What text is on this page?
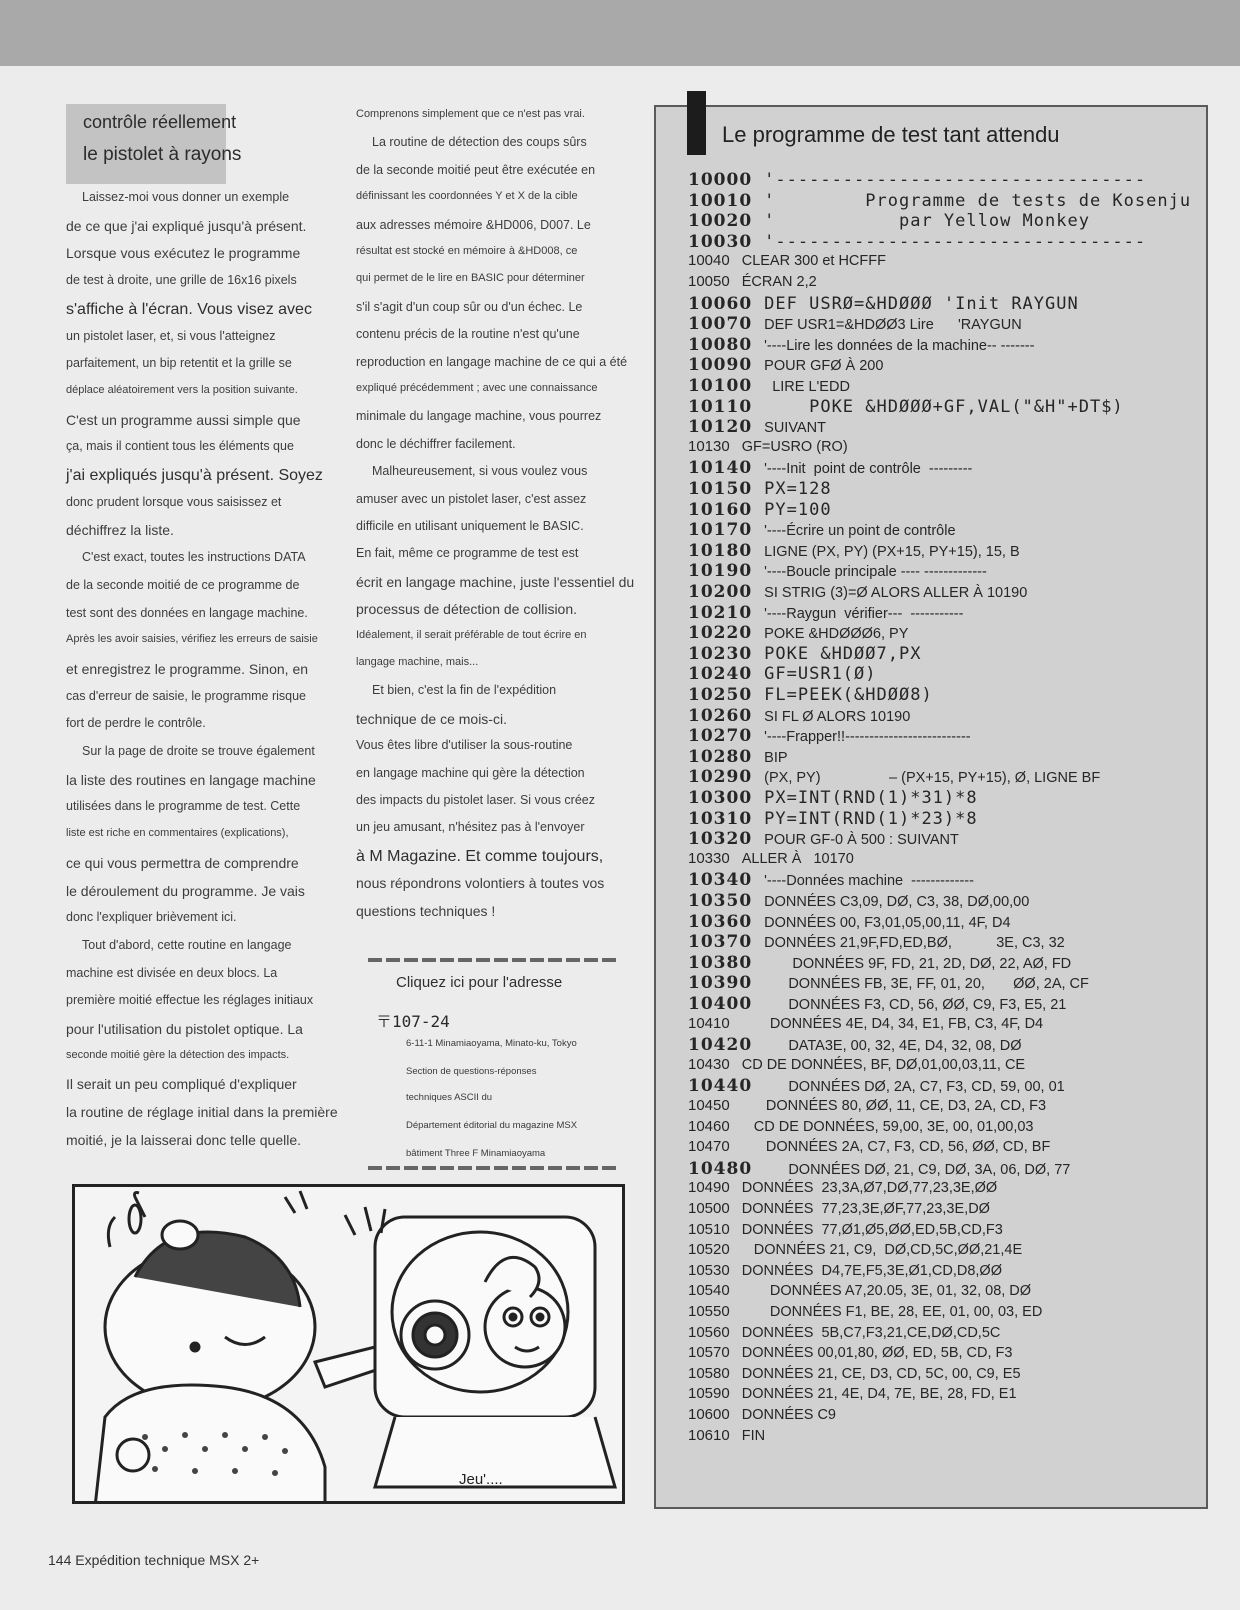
contrôle réellement
le pistolet à rayons
Laissez-moi vous donner un exemple
de ce que j'ai expliqué jusqu'à présent.
Lorsque vous exécutez le programme
de test à droite, une grille de 16x16 pixels
s'affiche à l'écran. Vous visez avec
un pistolet laser, et, si vous l'atteignez
parfaitement, un bip retentit et la grille se
déplace aléatoirement vers la position suivante.
C'est un programme aussi simple que
ça, mais il contient tous les éléments que
j'ai expliqués jusqu'à présent. Soyez
donc prudent lorsque vous saisissez et
déchiffrez la liste.
C'est exact, toutes les instructions DATA
de la seconde moitié de ce programme de
test sont des données en langage machine.
Après les avoir saisies, vérifiez les erreurs de saisie
et enregistrez le programme. Sinon, en
cas d'erreur de saisie, le programme risque
fort de perdre le contrôle.
Sur la page de droite se trouve également
la liste des routines en langage machine
utilisées dans le programme de test. Cette
liste est riche en commentaires (explications),
ce qui vous permettra de comprendre
le déroulement du programme. Je vais
donc l'expliquer brièvement ici.
Tout d'abord, cette routine en langage
machine est divisée en deux blocs. La
première moitié effectue les réglages initiaux
pour l'utilisation du pistolet optique. La
seconde moitié gère la détection des impacts.
Il serait un peu compliqué d'expliquer
la routine de réglage initial dans la première
moitié, je la laisserai donc telle quelle.
Comprenons simplement que ce n'est pas vrai.
La routine de détection des coups sûrs
de la seconde moitié peut être exécutée en
définissant les coordonnées Y et X de la cible
aux adresses mémoire &HD006, D007. Le
résultat est stocké en mémoire à &HD008, ce
qui permet de le lire en BASIC pour déterminer
s'il s'agit d'un coup sûr ou d'un échec. Le
contenu précis de la routine n'est qu'une
reproduction en langage machine de ce qui a été
expliqué précédemment ; avec une connaissance
minimale du langage machine, vous pourrez
donc le déchiffrer facilement.
Malheureusement, si vous voulez vous
amuser avec un pistolet laser, c'est assez
difficile en utilisant uniquement le BASIC.
En fait, même ce programme de test est
écrit en langage machine, juste l'essentiel du
processus de détection de collision.
Idéalement, il serait préférable de tout écrire en
langage machine, mais...
Et bien, c'est la fin de l'expédition
technique de ce mois-ci.
Vous êtes libre d'utiliser la sous-routine
en langage machine qui gère la détection
des impacts du pistolet laser. Si vous créez
un jeu amusant, n'hésitez pas à l'envoyer
à M Magazine. Et comme toujours,
nous répondrons volontiers à toutes vos
questions techniques !
Cliquez ici pour l'adresse
〒107-24
6-11-1 Minamiaoyama, Minato-ku, Tokyo
Section de questions-réponses
techniques ASCII du
Département éditorial du magazine MSX
bâtiment Three F Minamiaoyama
Jeu'....
Le programme de test tant attendu
10000 '---------------------------------
10010 '        Programme de tests de Kosenju
10020 '           par Yellow Monkey
10030 '---------------------------------
10040 CLEAR 300 et HCFFF
10050 ÉCRAN 2,2
10060 DEF USRØ=&HDØØØ 'Init RAYGUN
10070 DEF USR1=&HDØØ3 Lire      'RAYGUN
10080 '----Lire les données de la machine-- -------
10090 POUR GFØ À 200
10100  LIRE L'EDD
10110    POKE &HDØØØ+GF,VAL("&H"+DT$)
10120 SUIVANT
10130 GF=USRO (RO)
10140 '----Init  point de contrôle  ---------
10150 PX=128
10160 PY=100
10170 '----Écrire un point de contrôle
10180 LIGNE (PX, PY) (PX+15, PY+15), 15, B
10190 '----Boucle principale ---- -------------
10200 SI STRIG (3)=Ø ALORS ALLER À 10190
10210 '----Raygun  vérifier---  -----------
10220 POKE &HDØØØ6, PY
10230 POKE &HDØØ7,PX
10240 GF=USR1(Ø)
10250 FL=PEEK(&HDØØ8)
10260 SI FL Ø ALORS 10190
10270 '----Frapper!!--------------------------
10280 BIP
10290 (PX, PY)                 – (PX+15, PY+15), Ø, LIGNE BF
10300 PX=INT(RND(1)*31)*8
10310 PY=INT(RND(1)*23)*8
10320 POUR GF-0 À 500 : SUIVANT
10330 ALLER À   10170
10340 '----Données machine  -------------
10350 DONNÉES C3,09, DØ, C3, 38, DØ,00,00
10360 DONNÉES 00, F3,01,05,00,11, 4F, D4
10370 DONNÉES 21,9F,FD,ED,BØ,           3E, C3, 32
10380       DONNÉES 9F, FD, 21, 2D, DØ, 22, AØ, FD
10390      DONNÉES FB, 3E, FF, 01, 20,       ØØ, 2A, CF
10400      DONNÉES F3, CD, 56, ØØ, C9, F3, E5, 21
10410       DONNÉES 4E, D4, 34, E1, FB, C3, 4F, D4
10420      DATA3E, 00, 32, 4E, D4, 32, 08, DØ
10430 CD DE DONNÉES, BF, DØ,01,00,03,11, CE
10440      DONNÉES DØ, 2A, C7, F3, CD, 59, 00, 01
10450      DONNÉES 80, ØØ, 11, CE, D3, 2A, CD, F3
10460   CD DE DONNÉES, 59,00, 3E, 00, 01,00,03
10470      DONNÉES 2A, C7, F3, CD, 56, ØØ, CD, BF
10480      DONNÉES DØ, 21, C9, DØ, 3A, 06, DØ, 77
10490 DONNÉES  23,3A,Ø7,DØ,77,23,3E,ØØ
10500 DONNÉES  77,23,3E,ØF,77,23,3E,DØ
10510 DONNÉES  77,Ø1,Ø5,ØØ,ED,5B,CD,F3
10520   DONNÉES 21, C9,  DØ,CD,5C,ØØ,21,4E
10530 DONNÉES  D4,7E,F5,3E,Ø1,CD,D8,ØØ
10540       DONNÉES A7,20.05, 3E, 01, 32, 08, DØ
10550       DONNÉES F1, BE, 28, EE, 01, 00, 03, ED
10560 DONNÉES  5B,C7,F3,21,CE,DØ,CD,5C
10570 DONNÉES 00,01,80, ØØ, ED, 5B, CD, F3
10580 DONNÉES 21, CE, D3, CD, 5C, 00, C9, E5
10590 DONNÉES 21, 4E, D4, 7E, BE, 28, FD, E1
10600 DONNÉES C9
10610 FIN
144 Expédition technique MSX 2+
